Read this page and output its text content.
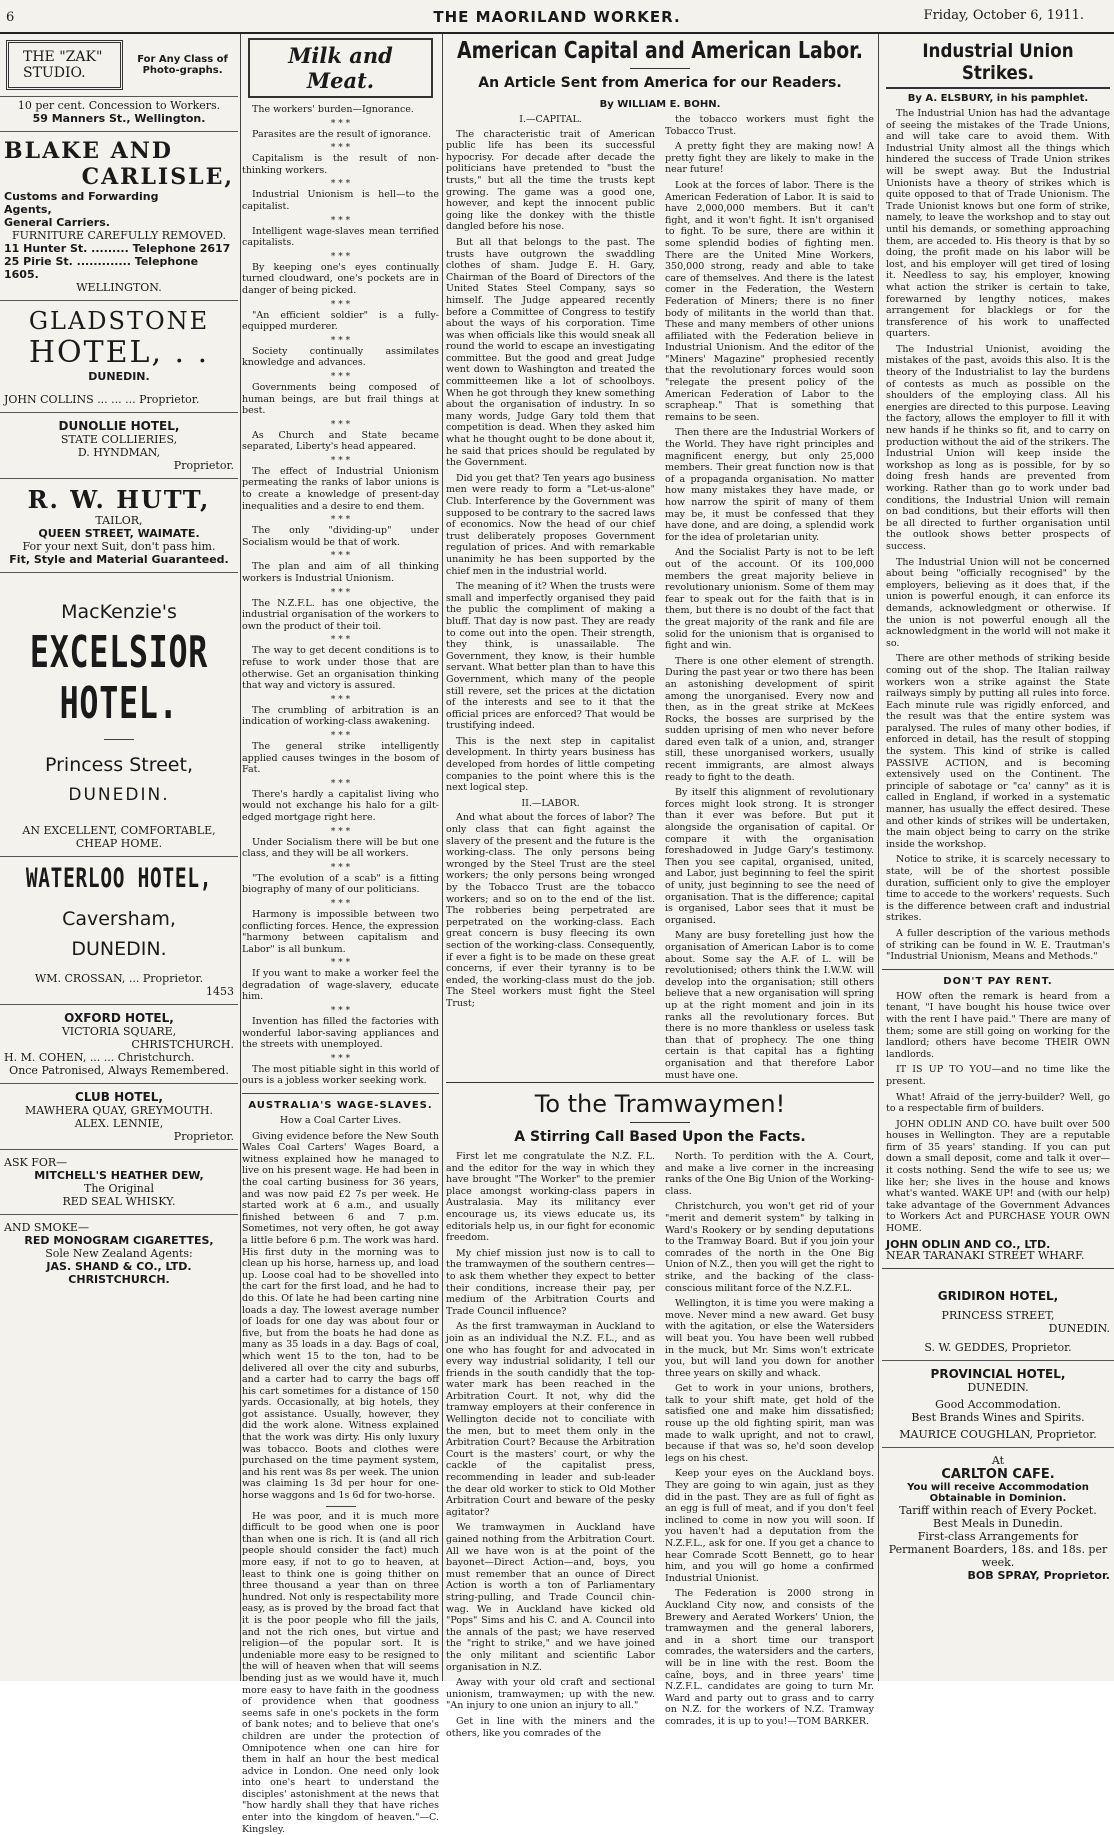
6	THE MAORILAND WORKER.	Friday, October 6, 1911.
THE "ZAK" STUDIO.
For Any Class of Photo-graphs.
10 per cent. Concession to Workers.
59 Manners St., Wellington.
BLAKE AND
CARLISLE,
Customs and Forwarding
Agents,
General Carriers.
FURNITURE CAREFULLY REMOVED.
11 Hunter St. ......... Telephone 2617
25 Pirie St. ............. Telephone 1605.
WELLINGTON.
GLADSTONE
HOTEL, . .
DUNEDIN.
JOHN COLLINS ... ... ... Proprietor.
DUNOLLIE HOTEL,
STATE COLLIERIES,
D. HYNDMAN,
Proprietor.
R. W. HUTT,
TAILOR,
QUEEN STREET, WAIMATE.
For your next Suit, don't pass him.
Fit, Style and Material Guaranteed.
MacKenzie's
EXCELSIOR
HOTEL.
Princess Street,
DUNEDIN.
AN EXCELLENT, COMFORTABLE, CHEAP HOME.
WATERLOO HOTEL,
Caversham,
DUNEDIN.
WM. CROSSAN, ... Proprietor.
1453
OXFORD HOTEL,
VICTORIA SQUARE,
CHRISTCHURCH.
H. M. COHEN, ... ... Christchurch.
Once Patronised, Always Remembered.
CLUB HOTEL,
MAWHERA QUAY, GREYMOUTH.
ALEX. LENNIE,
Proprietor.
ASK FOR—
MITCHELL'S HEATHER DEW,
The Original
RED SEAL WHISKY.
AND SMOKE—
RED MONOGRAM CIGARETTES,
Sole New Zealand Agents:
JAS. SHAND & CO., LTD.
CHRISTCHURCH.
Milk and Meat.

The workers' burden—Ignorance.

* * *

Parasites are the result of ignorance.

* * *

Capitalism is the result of non-thinking workers.

* * *

Industrial Unionism is hell—to the capitalist.

* * *

Intelligent wage-slaves mean terrified capitalists.

* * *

By keeping one's eyes continually turned cloudward, one's pockets are in danger of being picked.

* * *

"An efficient soldier" is a fully-equipped murderer.

* * *

Society continually assimilates knowledge and advances.

* * *

Governments being composed of human beings, are but frail things at best.

* * *

As Church and State became separated, Liberty's head appeared.

* * *

The effect of Industrial Unionism permeating the ranks of labor unions is to create a knowledge of present-day inequalities and a desire to end them.

* * *

The only "dividing-up" under Socialism would be that of work.

* * *

The plan and aim of all thinking workers is Industrial Unionism.

* * *

The N.Z.F.L. has one objective, the industrial organisation of the workers to own the product of their toil.

* * *

The way to get decent conditions is to refuse to work under those that are otherwise. Get an organisation thinking that way and victory is assured.

* * *

The crumbling of arbitration is an indication of working-class awakening.

* * *

The general strike intelligently applied causes twinges in the bosom of Fat.

* * *

There's hardly a capitalist living who would not exchange his halo for a gilt-edged mortgage right here.

* * *

Under Socialism there will be but one class, and they will be all workers.

* * *

"The evolution of a scab" is a fitting biography of many of our politicians.

* * *

Harmony is impossible between two conflicting forces. Hence, the expression "harmony between capitalism and Labor" is all bunkum.

* * *

If you want to make a worker feel the degradation of wage-slavery, educate him.

* * *

Invention has filled the factories with wonderful labor-saving appliances and the streets with unemployed.

* * *

The most pitiable sight in this world of ours is a jobless worker seeking work.

AUSTRALIA'S WAGE-SLAVES.
How a Coal Carter Lives.

Giving evidence before the New South Wales Coal Carters' Wages Board, a witness explained how he managed to live on his present wage. He had been in the coal carting business for 36 years, and was now paid £2 7s per week. He started work at 6 a.m., and usually finished between 6 and 7 p.m. Sometimes, not very often, he got away a little before 6 p.m. The work was hard. His first duty in the morning was to clean up his horse, harness up, and load up. Loose coal had to be shovelled into the cart for the first load, and he had to do this. Of late he had been carting nine loads a day. The lowest average number of loads for one day was about four or five, but from the boats he had done as many as 35 loads in a day. Bags of coal, which went 15 to the ton, had to be delivered all over the city and suburbs, and a carter had to carry the bags off his cart sometimes for a distance of 150 yards. Occasionally, at big hotels, they got assistance. Usually, however, they did the work alone. Witness explained that the work was dirty. His only luxury was tobacco. Boots and clothes were purchased on the time payment system, and his rent was 8s per week. The union was claiming 1s 3d per hour for one-horse waggons and 1s 6d for two-horse.

He was poor, and it is much more difficult to be good when one is poor than when one is rich. It is (and all rich people should consider the fact) much more easy, if not to go to heaven, at least to think one is going thither on three thousand a year than on three hundred. Not only is respectability more easy, as is proved by the broad fact that it is the poor people who fill the jails, and not the rich ones, but virtue and religion—of the popular sort. It is undeniable more easy to be resigned to the will of heaven when that will seems bending just as we would have it, much more easy to have faith in the goodness of providence when that goodness seems safe in one's pockets in the form of bank notes; and to believe that one's children are under the protection of Omnipotence when one can hire for them in half an hour the best medical advice in London. One need only look into one's heart to understand the disciples' astonishment at the news that "how hardly shall they that have riches enter into the kingdom of heaven."—C. Kingsley.

American Capital and American Labor.
An Article Sent from America for our Readers.
By WILLIAM E. BOHN.
I.—CAPITAL.

The characteristic trait of American public life has been its successful hypocrisy. For decade after decade the politicians have pretended to "bust the trusts," but all the time the trusts kept growing. The game was a good one, however, and kept the innocent public going like the donkey with the thistle dangled before his nose.

But all that belongs to the past. The trusts have outgrown the swaddling clothes of sham. Judge E. H. Gary, Chairman of the Board of Directors of the United States Steel Company, says so himself. The Judge appeared recently before a Committee of Congress to testify about the ways of his corporation. Time was when officials like this would sneak all round the world to escape an investigating committee. But the good and great Judge went down to Washington and treated the committeemen like a lot of schoolboys. When he got through they knew something about the organisation of industry. In so many words, Judge Gary told them that competition is dead. When they asked him what he thought ought to be done about it, he said that prices should be regulated by the Government.

Did you get that? Ten years ago business men were ready to form a "Let-us-alone" Club. Interference by the Government was supposed to be contrary to the sacred laws of economics. Now the head of our chief trust deliberately proposes Government regulation of prices. And with remarkable unanimity he has been supported by the chief men in the industrial world.

The meaning of it? When the trusts were small and imperfectly organised they paid the public the compliment of making a bluff. That day is now past. They are ready to come out into the open. Their strength, they think, is unassailable. The Government, they know, is their humble servant. What better plan than to have this Government, which many of the people still revere, set the prices at the dictation of the interests and see to it that the official prices are enforced? That would be trustifying indeed.

This is the next step in capitalist development. In thirty years business has developed from hordes of little competing companies to the point where this is the next logical step.

II.—LABOR.

And what about the forces of labor? The only class that can fight against the slavery of the present and the future is the working-class. The only persons being wronged by the Steel Trust are the steel workers; the only persons being wronged by the Tobacco Trust are the tobacco workers; and so on to the end of the list. The robberies being perpetrated are perpetrated on the working-class. Each great concern is busy fleecing its own section of the working-class. Consequently, if ever a fight is to be made on these great concerns, if ever their tyranny is to be ended, the working-class must do the job. The Steel workers must fight the Steel Trust;

the tobacco workers must fight the Tobacco Trust.

A pretty fight they are making now! A pretty fight they are likely to make in the near future!

Look at the forces of labor. There is the American Federation of Labor. It is said to have 2,000,000 members. But it can't fight, and it won't fight. It isn't organised to fight. To be sure, there are within it some splendid bodies of fighting men. There are the United Mine Workers, 350,000 strong, ready and able to take care of themselves. And there is the latest comer in the Federation, the Western Federation of Miners; there is no finer body of militants in the world than that. These and many members of other unions affiliated with the Federation believe in Industrial Unionism. And the editor of the "Miners' Magazine" prophesied recently that the revolutionary forces would soon "relegate the present policy of the American Federation of Labor to the scrapheap." That is something that remains to be seen.

Then there are the Industrial Workers of the World. They have right principles and magnificent energy, but only 25,000 members. Their great function now is that of a propaganda organisation. No matter how many mistakes they have made, or how narrow the spirit of many of them may be, it must be confessed that they have done, and are doing, a splendid work for the idea of proletarian unity.

And the Socialist Party is not to be left out of the account. Of its 100,000 members the great majority believe in revolutionary unionism. Some of them may fear to speak out for the faith that is in them, but there is no doubt of the fact that the great majority of the rank and file are solid for the unionism that is organised to fight and win.

There is one other element of strength. During the past year or two there has been an astonishing development of spirit among the unorganised. Every now and then, as in the great strike at McKees Rocks, the bosses are surprised by the sudden uprising of men who never before dared even talk of a union, and, stranger still, these unorganised workers, usually recent immigrants, are almost always ready to fight to the death.

By itself this alignment of revolutionary forces might look strong. It is stronger than it ever was before. But put it alongside the organisation of capital. Or compare it with the organisation foreshadowed in Judge Gary's testimony. Then you see capital, organised, united, and Labor, just beginning to feel the spirit of unity, just beginning to see the need of organisation. That is the difference; capital is organised, Labor sees that it must be organised.

Many are busy foretelling just how the organisation of American Labor is to come about. Some say the A.F. of L. will be revolutionised; others think the I.W.W. will develop into the organisation; still others believe that a new organisation will spring up at the right moment and join in its ranks all the revolutionary forces. But there is no more thankless or useless task than that of prophecy. The one thing certain is that capital has a fighting organisation and that therefore Labor must have one.

To the Tramwaymen!
A Stirring Call Based Upon the Facts.

First let me congratulate the N.Z. F.L. and the editor for the way in which they have brought "The Worker" to the premier place amongst working-class papers in Australasia. May its militancy ever encourage us, its views educate us, its editorials help us, in our fight for economic freedom.

My chief mission just now is to call to the tramwaymen of the southern centres—to ask them whether they expect to better their conditions, increase their pay, per medium of the Arbitration Courts and Trade Council influence?

As the first tramwayman in Auckland to join as an individual the N.Z. F.L., and as one who has fought for and advocated in every way industrial solidarity, I tell our friends in the south candidly that the top-water mark has been reached in the Arbitration Court. It not, why did the tramway employers at their conference in Wellington decide not to conciliate with the men, but to meet them only in the Arbitration Court? Because the Arbitration Court is the masters' court, or why the cackle of the capitalist press, recommending in leader and sub-leader the dear old worker to stick to Old Mother Arbitration Court and beware of the pesky agitator?

We tramwaymen in Auckland have gained nothing from the Arbitration Court. All we have won is at the point of the bayonet—Direct Action—and, boys, you must remember that an ounce of Direct Action is worth a ton of Parliamentary string-pulling, and Trade Council chin-wag. We in Auckland have kicked old "Pops" Sims and his C. and A. Council into the annals of the past; we have reserved the "right to strike," and we have joined the only militant and scientific Labor organisation in N.Z.

Away with your old craft and sectional unionism, tramwaymen; up with the new. "An injury to one union an injury to all."

Get in line with the miners and the others, like you comrades of the

North. To perdition with the A. Court, and make a live corner in the increasing ranks of the One Big Union of the Working-class.

Christchurch, you won't get rid of your "merit and demerit system" by talking in Ward's Rookery or by sending deputations to the Tramway Board. But if you join your comrades of the north in the One Big Union of N.Z., then you will get the right to strike, and the backing of the class-conscious militant force of the N.Z.F.L.

Wellington, it is time you were making a move. Never mind a new award. Get busy with the agitation, or else the Watersiders will beat you. You have been well rubbed in the muck, but Mr. Sims won't extricate you, but will land you down for another three years on skilly and whack.

Get to work in your unions, brothers, talk to your shift mate, get hold of the satisfied one and make him dissatisfied; rouse up the old fighting spirit, man was made to walk upright, and not to crawl, because if that was so, he'd soon develop legs on his chest.

Keep your eyes on the Auckland boys. They are going to win again, just as they did in the past. They are as full of fight as an egg is full of meat, and if you don't feel inclined to come in now you will soon. If you haven't had a deputation from the N.Z.F.L., ask for one. If you get a chance to hear Comrade Scott Bennett, go to hear him, and you will go home a confirmed Industrial Unionist.

The Federation is 2000 strong in Auckland City now, and consists of the Brewery and Aerated Workers' Union, the tramwaymen and the general laborers, and in a short time our transport comrades, the watersiders and the carters, will be in line with the rest. Boom the caîne, boys, and in three years' time N.Z.F.L. candidates are going to turn Mr. Ward and party out to grass and to carry on N.Z. for the workers of N.Z. Tramway comrades, it is up to you!—TOM BARKER.

Industrial Union Strikes.
By A. ELSBURY, in his pamphlet.

The Industrial Union has had the advantage of seeing the mistakes of the Trade Unions, and will take care to avoid them. With Industrial Unity almost all the things which hindered the success of Trade Union strikes will be swept away. But the Industrial Unionists have a theory of strikes which is quite opposed to that of Trade Unionism. The Trade Unionist knows but one form of strike, namely, to leave the workshop and to stay out until his demands, or something approaching them, are acceded to. His theory is that by so doing, the profit made on his labor will be lost, and his employer will get tired of losing it. Needless to say, his employer, knowing what action the striker is certain to take, forewarned by lengthy notices, makes arrangement for blacklegs or for the transference of his work to unaffected quarters.

The Industrial Unionist, avoiding the mistakes of the past, avoids this also. It is the theory of the Industrialist to lay the burdens of contests as much as possible on the shoulders of the employing class. All his energies are directed to this purpose. Leaving the factory, allows the employer to fill it with new hands if he thinks so fit, and to carry on production without the aid of the strikers. The Industrial Union will keep inside the workshop as long as is possible, for by so doing fresh hands are prevented from working. Rather than go to work under bad conditions, the Industrial Union will remain on bad conditions, but their efforts will then be all directed to further organisation until the outlook shows better prospects of success.

The Industrial Union will not be concerned about being "officially recognised" by the employers, believing as it does that, if the union is powerful enough, it can enforce its demands, acknowledgment or otherwise. If the union is not powerful enough all the acknowledgment in the world will not make it so.

There are other methods of striking beside coming out of the shop. The Italian railway workers won a strike against the State railways simply by putting all rules into force. Each minute rule was rigidly enforced, and the result was that the entire system was paralysed. The rules of many other bodies, if enforced in detail, has the result of stopping the system. This kind of strike is called PASSIVE ACTION, and is becoming extensively used on the Continent. The principle of sabotage or "ca' canny" as it is called in England, if worked in a systematic manner, has usually the effect desired. These and other kinds of strikes will be undertaken, the main object being to carry on the strike inside the workshop.

Notice to strike, it is scarcely necessary to state, will be of the shortest possible duration, sufficient only to give the employer time to accede to the workers' requests. Such is the difference between craft and industrial strikes.

A fuller description of the various methods of striking can be found in W. E. Trautman's "Industrial Unionism, Means and Methods."

DON'T PAY RENT.

HOW often the remark is heard from a tenant, "I have bought his house twice over with the rent I have paid." There are many of them; some are still going on working for the landlord; others have become THEIR OWN landlords.

IT IS UP TO YOU—and no time like the present.

What! Afraid of the jerry-builder? Well, go to a respectable firm of builders.

JOHN ODLIN AND CO. have built over 500 houses in Wellington. They are a reputable firm of 35 years' standing. If you can put down a small deposit, come and talk it over—it costs nothing. Send the wife to see us; we like her; she lives in the house and knows what's wanted. WAKE UP! and (with our help) take advantage of the Government Advances to Workers Act and PURCHASE YOUR OWN HOME.

JOHN ODLIN AND CO., LTD.
NEAR TARANAKI STREET WHARF.
GRIDIRON HOTEL,
PRINCESS STREET,
DUNEDIN.
S. W. GEDDES, Proprietor.
PROVINCIAL HOTEL,
DUNEDIN.
Good Accommodation.
Best Brands Wines and Spirits.
MAURICE COUGHLAN, Proprietor.
At
CARLTON CAFE.
You will receive Accommodation Obtainable in Dominion.
Tariff within reach of Every Pocket. Best Meals in Dunedin.
First-class Arrangements for Permanent Boarders, 18s. and 18s. per week.
BOB SPRAY, Proprietor.
